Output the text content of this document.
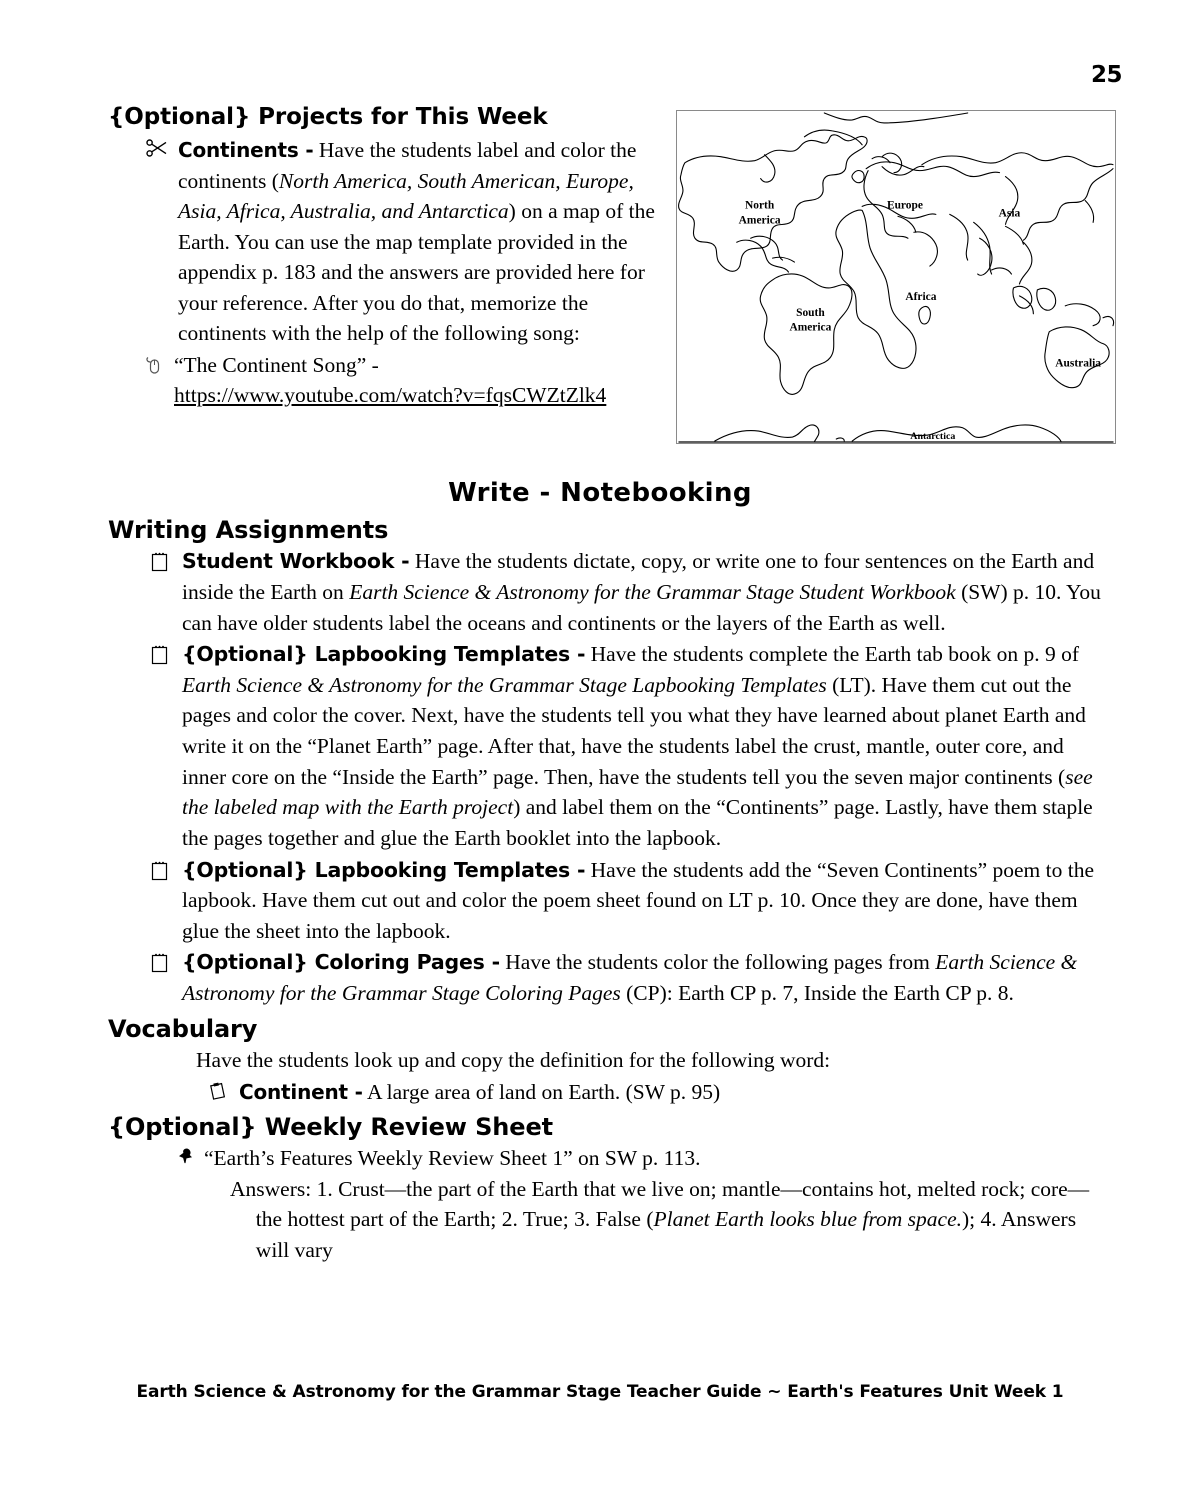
25
{Optional} Projects for This Week
Continents - Have the students label and color the continents (North America, South American, Europe, Asia, Africa, Australia, and Antarctica) on a map of the Earth. You can use the map template provided in the appendix p. 183 and the answers are provided here for your reference. After you do that, memorize the continents with the help of the following song:
“The Continent Song” - https://www.youtube.com/watch?v=fqsCWZtZlk4
North
America
South
America
Europe
Asia
Africa
Australia
Antarctica
Write - Notebooking
Writing Assignments
Student Workbook - Have the students dictate, copy, or write one to four sentences on the Earth and inside the Earth on Earth Science & Astronomy for the Grammar Stage Student Workbook (SW) p. 10. You can have older students label the oceans and continents or the layers of the Earth as well.
{Optional} Lapbooking Templates - Have the students complete the Earth tab book on p. 9 of Earth Science & Astronomy for the Grammar Stage Lapbooking Templates (LT). Have them cut out the pages and color the cover. Next, have the students tell you what they have learned about planet Earth and write it on the “Planet Earth” page. After that, have the students label the crust, mantle, outer core, and inner core on the “Inside the Earth” page. Then, have the students tell you the seven major continents (see the labeled map with the Earth project) and label them on the “Continents” page. Lastly, have them staple the pages together and glue the Earth booklet into the lapbook.
{Optional} Lapbooking Templates - Have the students add the “Seven Continents” poem to the lapbook. Have them cut out and color the poem sheet found on LT p. 10. Once they are done, have them glue the sheet into the lapbook.
{Optional} Coloring Pages - Have the students color the following pages from Earth Science & Astronomy for the Grammar Stage Coloring Pages (CP): Earth CP p. 7, Inside the Earth CP p. 8.
Vocabulary
Have the students look up and copy the definition for the following word:
Continent - A large area of land on Earth. (SW p. 95)
{Optional} Weekly Review Sheet
“Earth’s Features Weekly Review Sheet 1” on SW p. 113.
Answers: 1. Crust—the part of the Earth that we live on; mantle—contains hot, melted rock; core—the hottest part of the Earth; 2. True; 3. False (Planet Earth looks blue from space.); 4. Answers will vary
Earth Science & Astronomy for the Grammar Stage Teacher Guide ~ Earth's Features Unit Week 1
